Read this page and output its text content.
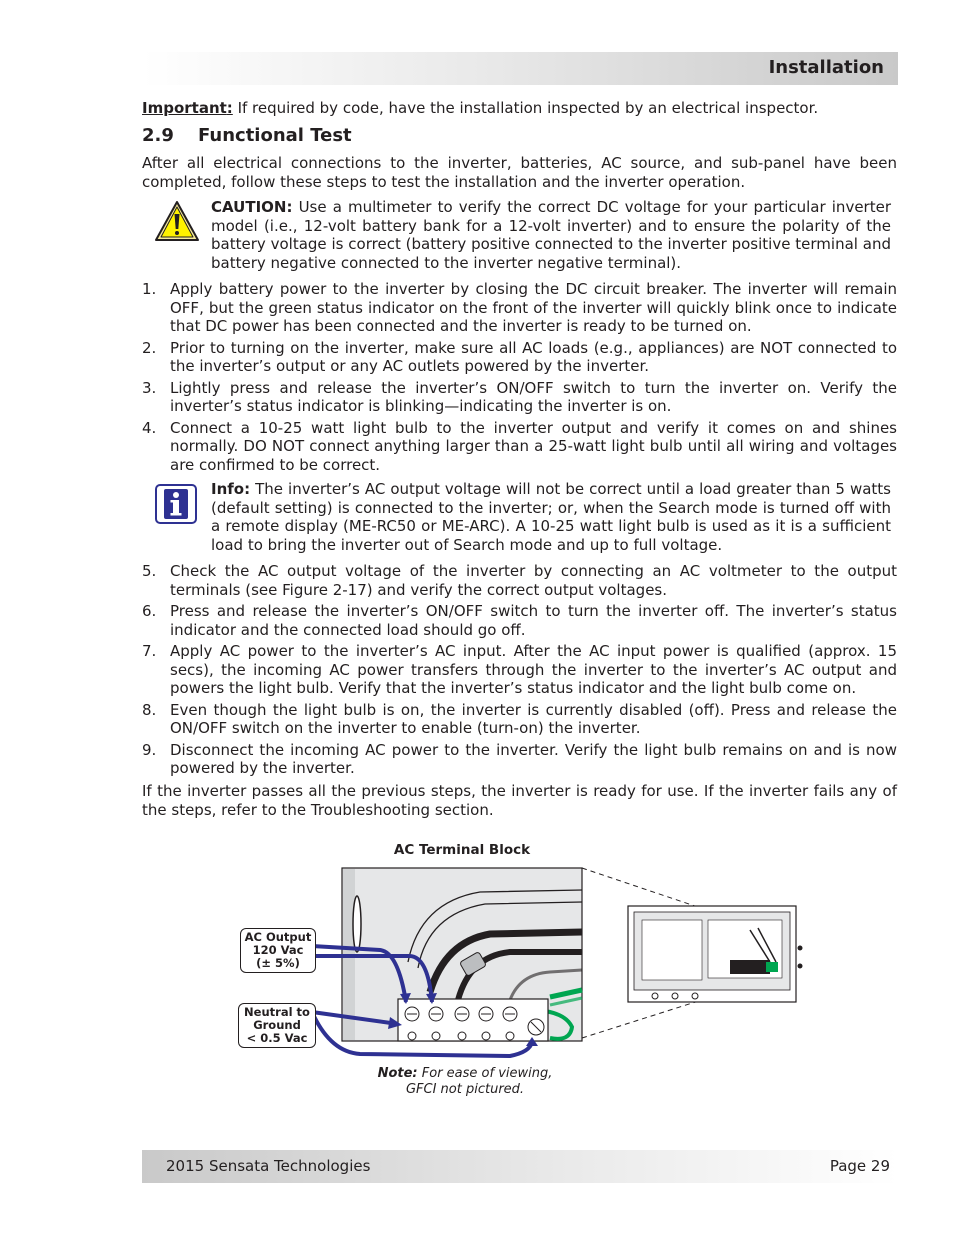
Installation

Important: If required by code, have the installation inspected by an electrical inspector.

2.9 Functional Test

After all electrical connections to the inverter, batteries, AC source, and sub-panel have been completed, follow these steps to test the installation and the inverter operation.

CAUTION: Use a multimeter to verify the correct DC voltage for your particular inverter model (i.e., 12-volt battery bank for a 12-volt inverter) and to ensure the polarity of the battery voltage is correct (battery positive connected to the inverter positive terminal and battery negative connected to the inverter negative terminal).

1. Apply battery power to the inverter by closing the DC circuit breaker. The inverter will remain OFF, but the green status indicator on the front of the inverter will quickly blink once to indicate that DC power has been connected and the inverter is ready to be turned on.
2. Prior to turning on the inverter, make sure all AC loads (e.g., appliances) are NOT connected to the inverter’s output or any AC outlets powered by the inverter.
3. Lightly press and release the inverter’s ON/OFF switch to turn the inverter on. Verify the inverter’s status indicator is blinking—indicating the inverter is on.
4. Connect a 10-25 watt light bulb to the inverter output and verify it comes on and shines normally. DO NOT connect anything larger than a 25-watt light bulb until all wiring and voltages are confirmed to be correct.

Info: The inverter’s AC output voltage will not be correct until a load greater than 5 watts (default setting) is connected to the inverter; or, when the Search mode is turned off with a remote display (ME-RC50 or ME-ARC). A 10-25 watt light bulb is used as it is a sufficient load to bring the inverter out of Search mode and up to full voltage.

5. Check the AC output voltage of the inverter by connecting an AC voltmeter to the output terminals (see Figure 2-17) and verify the correct output voltages.
6. Press and release the inverter’s ON/OFF switch to turn the inverter off. The inverter’s status indicator and the connected load should go off.
7. Apply AC power to the inverter’s AC input. After the AC input power is qualified (approx. 15 secs), the incoming AC power transfers through the inverter to the inverter’s AC output and powers the light bulb. Verify that the inverter’s status indicator and the light bulb come on.
8. Even though the light bulb is on, the inverter is currently disabled (off). Press and release the ON/OFF switch on the inverter to enable (turn-on) the inverter.
9. Disconnect the incoming AC power to the inverter. Verify the light bulb remains on and is now powered by the inverter.

If the inverter passes all the previous steps, the inverter is ready for use. If the inverter fails any of the steps, refer to the Troubleshooting section.

AC Terminal Block
AC Output
120 Vac
(± 5%)
Neutral to
Ground
< 0.5 Vac
Note: For ease of viewing,
GFCI not pictured.
2015 Sensata Technologies	Page 29
